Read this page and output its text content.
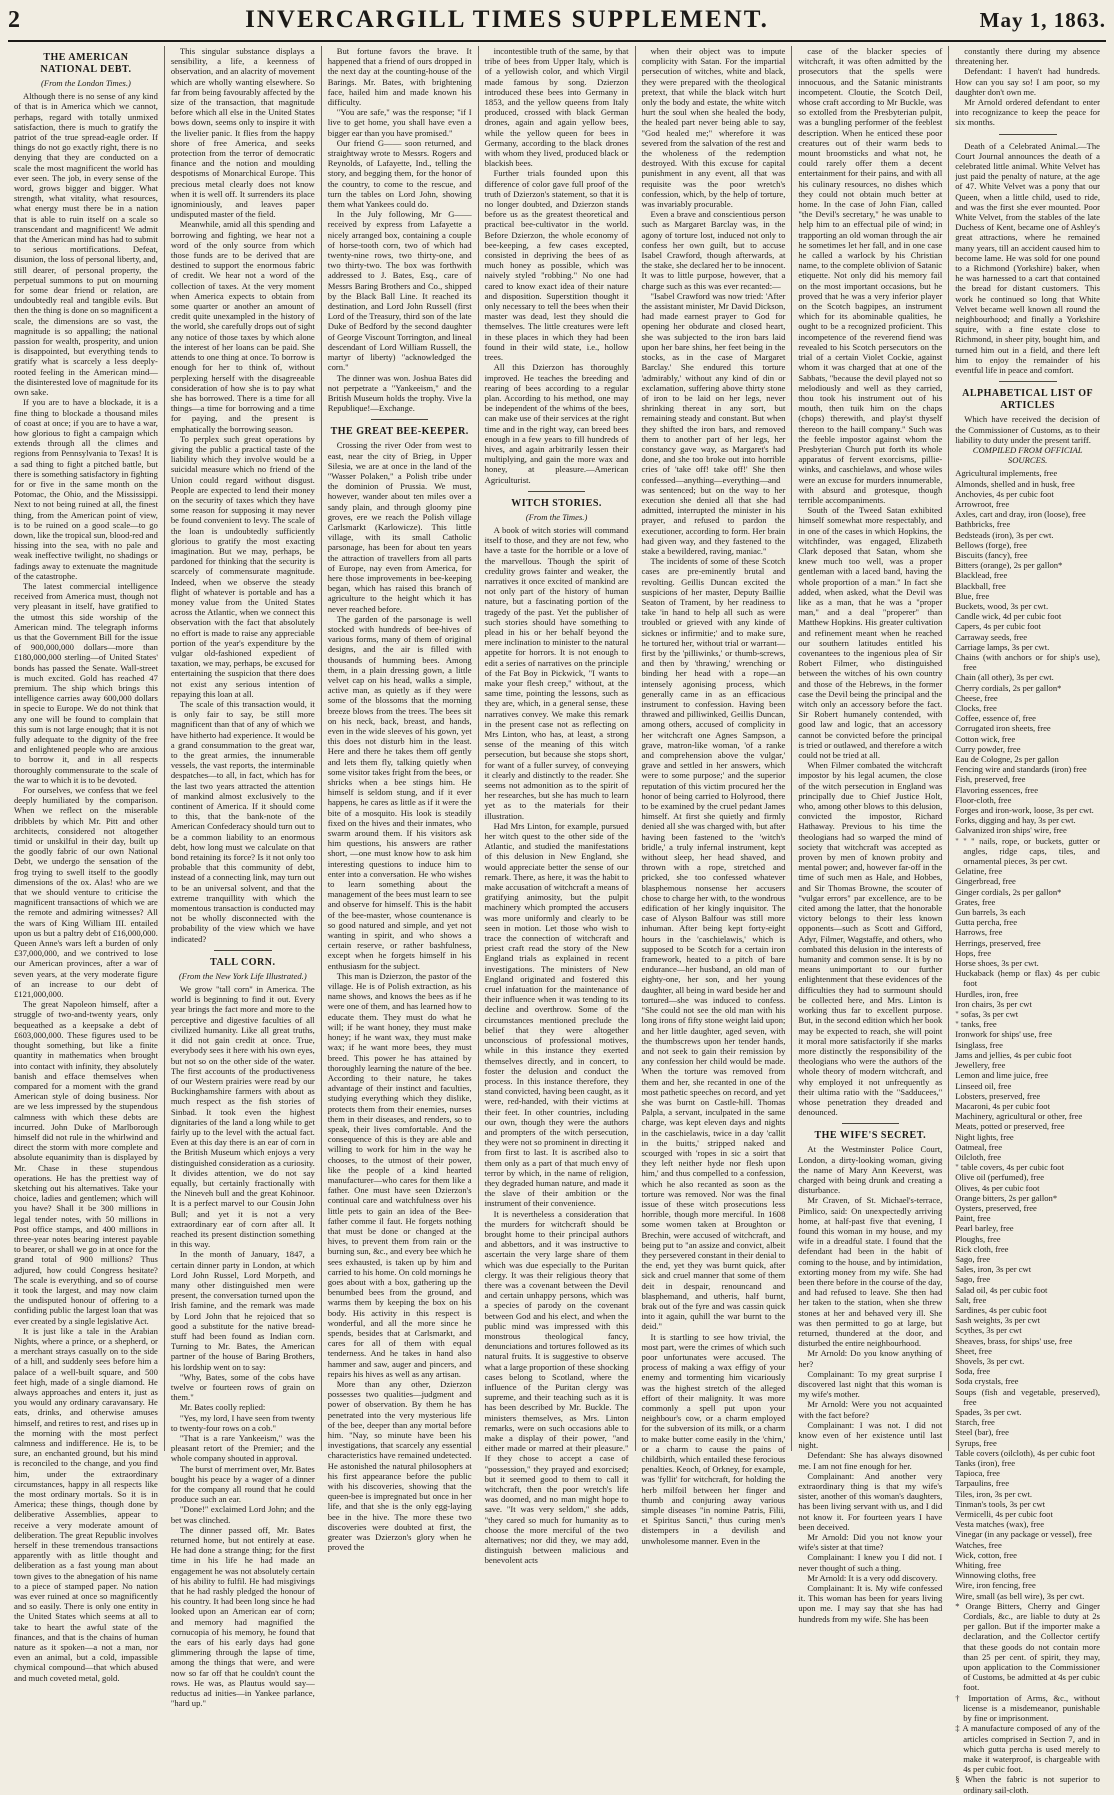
2	INVERCARGILL TIMES SUPPLEMENT.	May 1, 1863.
THE AMERICAN NATIONAL DEBT.
(From the London Times.)

Although there is no sense of any kind of that is in America which we cannot, perhaps, regard with totally unmixed satisfaction, there is much to gratify the patriot of the true spread-eagle order. If things do not go exactly right, there is no denying that they are conducted on a scale the most magnificent the world has ever seen. The job, in every sense of the word, grows bigger and bigger. What strength, what vitality, what resources, what energy must there be in a nation that is able to ruin itself on a scale so transcendant and magnificent! We admit that the American mind has had to submit to serious mortifications. Defeat, disunion, the loss of personal liberty, and, still dearer, of personal property, the perpetual summons to put on mourning for some dear friend or relation, are undoubtedly real and tangible evils. But then the thing is done on so magnificent a scale, the dimensions are so vast, the magnitude is so appalling; the national passion for wealth, prosperity, and union is disappointed, but everything tends to gratify what is scarcely a less deeply-rooted feeling in the American mind—the disinterested love of magnitude for its own sake.

If you are to have a blockade, it is a fine thing to blockade a thousand miles of coast at once; if you are to have a war, how glorious to fight a campaign which extends through all the climes and regions from Pennsylvania to Texas! It is a sad thing to fight a pitched battle, but there is something satisfactory in fighting for or five in the same month on the Potomac, the Ohio, and the Mississippi. Next to not being ruined at all, the finest thing, from the American point of view, is to be ruined on a good scale—to go down, like the tropical sun, blood-red and hissing into the sea, with no pale and weak ineffective twilight, no shadings or fadings away to extenuate the magnitude of the catastrophe.

The latest commercial intelligence received from America must, though not very pleasant in itself, have gratified to the utmost this side worship of the American mind. The telegraph informs us that the Government Bill for the issue of 900,000,000 dollars—more than £180,000,000 sterling—of United States' bonds has passed the Senate. Wall-street is much excited. Gold has reached 47 premium. The ship which brings this intelligence carries away 600,000 dollars in specie to Europe. We do not think that any one will be found to complain that this sum is not large enough; that it is not fully adequate to the dignity of the free and enlightened people who are anxious to borrow it, and in all respects thoroughly commensurate to the scale of the war to which it is to be devoted.

For ourselves, we confess that we feel deeply humiliated by the comparison. When we reflect on the miserable dribblets by which Mr. Pitt and other architects, considered not altogether timid or unskilful in their day, built up the goodly fabric of our own National Debt, we undergo the sensation of the frog trying to swell itself to the goodly dimensions of the ox. Alas! who are we that we should venture to criticise the magnificent transactions of which we are the remote and admiring witnesses? All the wars of King William III. entailed upon us but a paltry debt of £16,000,000. Queen Anne's wars left a burden of only £37,000,000, and we contrived to lose our American provinces, after a war of seven years, at the very moderate figure of an increase to our debt of £121,000,000.

The great Napoleon himself, after a struggle of two-and-twenty years, only bequeathed as a keepsake a debt of £603,000,000. These figures used to be thought something, but like a finite quantity in mathematics when brought into contact with infinity, they absolutely banish and efface themselves when compared for a moment with the grand American style of doing business. Nor are we less impressed by the stupendous calmness with which these debts are incurred. John Duke of Marlborough himself did not rule in the whirlwind and direct the storm with more complete and absolute equanimity than is displayed by Mr. Chase in these stupendous operations. He has the prettiest way of sketching out his alternatives. Take your choice, ladies and gentlemen; which will you have? Shall it be 300 millions in legal tender notes, with 50 millions in Post office stamps, and 400 millions in three-year notes bearing interest payable to bearer, or shall we go in at once for the grand total of 900 millions? Thus adjured, how could Congress hesitate? The scale is everything, and so of course it took the largest, and may now claim the undisputed honour of offering to a confiding public the largest loan that was ever created by a single legislative Act.

It is just like a tale in the Arabian Nights, where a prince, or a shepherd, or a merchant strays casually on to the side of a hill, and suddenly sees before him a palace of a well-built square, and 500 feet high, made of a single diamond. He always approaches and enters it, just as you would any ordinary caravansary. He eats, drinks, and otherwise amuses himself, and retires to rest, and rises up in the morning with the most perfect calmness and indifference. He is, to be sure, an enchanted ground, but his mind is reconciled to the change, and you find him, under the extraordinary circumstances, happy in all respects like the most ordinary mortals. So it is in America; these things, though done by deliberative Assemblies, appear to receive a very moderate amount of deliberation. The great Republic involves herself in these tremendous transactions apparently with as little thought and deliberation as a fast young man about town gives to the abnegation of his name to a piece of stamped paper. No nation was ever ruined at once so magnificently and so easily. There is only one entity in the United States which seems at all to take to heart the awful state of the finances, and that is the chains of human nature as it spoken—a not a man, nor even an animal, but a cold, impassible chymical compound—that which abused and much coveted metal, gold.

This singular substance displays a sensibility, a life, a keenness of observation, and an alacrity of movement which are wholly wanting elsewhere. So far from being favourably affected by the size of the transaction, that magnitude before which all else in the United States bows down, seems only to inspire it with the livelier panic. It flies from the happy shore of free America, and seeks protection from the terror of democratic finance and the notion and moulding despotisms of Monarchical Europe. This precious metal clearly does not know when it is well off. It surrenders its place ignominiously, and leaves paper undisputed master of the field.

Meanwhile, amid all this spending and borrowing and fighting, we hear not a word of the only source from which those funds are to be derived that are destined to support the enormous fabric of credit. We hear not a word of the collection of taxes. At the very moment when America expects to obtain from some quarter or another an amount of credit quite unexampled in the history of the world, she carefully drops out of sight any notice of those taxes by which alone the interest of her loans can be paid. She attends to one thing at once. To borrow is enough for her to think of, without perplexing herself with the disagreeable consideration of how she is to pay what she has borrowed. There is a time for all things—a time for borrowing and a time for paying, and the present is emphatically the borrowing season.

To perplex such great operations by giving the public a practical taste of the liability which they involve would be a suicidal measure which no friend of the Union could regard without disgust. People are expected to lend their money on the security of taxes which they have some reason for supposing it may never be found convenient to levy. The scale of the loan is undoubtedly sufficiently glorious to gratify the most exacting imagination. But we may, perhaps, be pardoned for thinking that the security is scarcely of commensurate magnitude. Indeed, when we observe the steady flight of whatever is portable and has a money value from the United States across the Atlantic, when we connect this observation with the fact that absolutely no effort is made to raise any appreciable portion of the year's expenditure by the vulgar old-fashioned expedient of taxation, we may, perhaps, be excused for entertaining the suspicion that there does not exist any serious intention of repaying this loan at all.

The scale of this transaction would, it is only fair to say, be still more magnificent than that of any of which we have hitherto had experience. It would be a grand consummation to the great war, to the great armies, the innumerable vessels, the vast reports, the interminable despatches—to all, in fact, which has for the last two years attracted the attention of mankind almost exclusively to the continent of America. If it should come to this, that the bank-note of the American Confederacy should turn out to be a common liability to an enormous debt, how long must we calculate on that bond retaining its force? Is it not only too probable that this community of debt, instead of a connecting link, may turn out to be an universal solvent, and that the extreme tranquillity with which the momentous transaction is conducted may not be wholly disconnected with the probability of the view which we have indicated?

TALL CORN.
(From the New York Life Illustrated.)

We grow "tall corn" in America. The world is beginning to find it out. Every year brings the fact more and more to the perceptive and digestive faculties of all civilized humanity. Like all great truths, it did not gain credit at once. True, everybody sees it here with his own eyes, but not so on the other side of the water. The first accounts of the productiveness of our Western prairies were read by our Buckinghamshire farmers with about as much respect as the fish stories of Sinbad. It took even the highest dignitaries of the land a long while to get fairly up to the level with the actual fact. Even at this day there is an ear of corn in the British Museum which enjoys a very distinguished consideration as a curiosity. It divides attention, we do not say equally, but certainly fractionally with the Nineveh bull and the great Kohinoor. It is a perfect marvel to our Cousin John Bull; and yet it is not a very extraordinary ear of corn after all. It reached its present distinction something in this way.

In the month of January, 1847, a certain dinner party in London, at which Lord John Russel, Lord Morpeth, and many other distinguished men were present, the conversation turned upon the Irish famine, and the remark was made by Lord John that he rejoiced that so good a substitute for the native bread-stuff had been found as Indian corn. Turning to Mr. Bates, the American partner of the house of Baring Brothers, his lordship went on to say:

"Why, Bates, some of the cobs have twelve or fourteen rows of grain on them."

Mr. Bates coolly replied:

"Yes, my lord, I have seen from twenty to twenty-four rows on a cob."

"That is a rare Yankeeism," was the pleasant retort of the Premier; and the whole company shouted in approval.

The burst of merriment over, Mr. Bates bought his peace by a wager of a dinner for the company all round that he could produce such an ear.

"Done!" exclaimed Lord John; and the bet was clinched.

The dinner passed off, Mr. Bates returned home, but not entirely at ease. He had done a strange thing; for the first time in his life he had made an engagement he was not absolutely certain of his ability to fulfil. He had misgivings that he had rashly pledged the honour of his country. It had been long since he had looked upon an American ear of corn; and memory had magnified the cornucopia of his memory, he found that the ears of his early days had gone glimmering through the lapse of time, among the things that were, and were now so far off that he couldn't count the rows. He was, as Plautus would say—reductus ad inities—in Yankee parlance, "hard up."

But fortune favors the brave. It happened that a friend of ours dropped in the next day at the counting-house of the Barings. Mr. Bates, with brightening face, hailed him and made known his difficulty.

"You are safe," was the response; "if I live to get home, you shall have even a bigger ear than you have promised."

Our friend G—— soon returned, and straightway wrote to Messrs. Rogers and Reynolds, of Lafayette, Ind., telling the story, and begging them, for the honor of the country, to come to the rescue, and turn the tables on Lord John, showing them what Yankees could do.

In the July following, Mr G—— received by express from Lafayette a nicely arranged box, containing a couple of horse-tooth corn, two of which had twenty-nine rows, two thirty-one, and two thirty-two. The box was forthwith addressed to J. Bates, Esq., care of Messrs Baring Brothers and Co., shipped by the Black Ball Line. It reached its destination, and Lord John Russell (first Lord of the Treasury, third son of the late Duke of Bedford by the second daughter of George Viscount Torrington, and lineal descendant of Lord William Russell, the martyr of liberty) "acknowledged the corn."

The dinner was won. Joshua Bates did not perpetrate a "Yankeeism," and the British Museum holds the trophy. Vive la Republique!—Exchange.

THE GREAT BEE-KEEPER.

Crossing the river Oder from west to east, near the city of Brieg, in Upper Silesia, we are at once in the land of the "Wasser Polaken," a Polish tribe under the dominion of Prussia. We must, however, wander about ten miles over a sandy plain, and through gloomy pine groves, ere we reach the Polish village Carlsmarkt (Karlowicze). This little village, with its small Catholic parsonage, has been for about ten years the attraction of travellers from all parts of Europe, nay even from America, for here those improvements in bee-keeping began, which has raised this branch of agriculture to the height which it has never reached before.

The garden of the parsonage is well stocked with hundreds of bee-hives of various forms, many of them of original designs, and the air is filled with thousands of humming bees. Among them, in a plain dressing gown, a little velvet cap on his head, walks a simple, active man, as quietly as if they were some of the blossoms that the morning breeze blows from the trees. The bees sit on his neck, back, breast, and hands, even in the wide sleeves of his gown, yet this does not disturb him in the least. Here and there he takes them off gently and lets them fly, talking quietly when some visitor takes fright from the bees, or shricks when a bee stings him. He himself is seldom stung, and if it ever happens, he cares as little as if it were the bite of a mosquito. His look is steadily fixed on the hives and their inmates, who swarm around them. If his visitors ask him questions, his answers are rather short, —one must know how to ask him interesting questions to induce him to enter into a conversation. He who wishes to learn something about the management of the bees must learn to see and observe for himself. This is the habit of the bee-master, whose countenance is so good natured and simple, and yet not wanting in spirit, and who shows a certain reserve, or rather bashfulness, except when he forgets himself in his enthusiasm for the subject.

This man is Dzierzon, the pastor of the village. He is of Polish extraction, as his name shows, and knows the bees as if he were one of them, and has learned how to educate them. They must do what he will; if he want honey, they must make honey; if he want wax, they must make wax; if he want more bees, they must breed. This power he has attained by thoroughly learning the nature of the bee. According to their nature, he takes advantage of their instinct and faculties, studying everything which they dislike, protects them from their enemies, nurses them in their diseases, and renders, so to speak, their lives comfortable. And the consequence of this is they are able and willing to work for him in the way he chooses, to the utmost of their power, like the people of a kind hearted manufacturer—who cares for them like a father. One must have seen Dzierzon's continual care and watchfulness over his little pets to gain an idea of the Bee-father comme il faut. He forgets nothing that must be done or changed at the hives, to prevent them from rain or the burning sun, &c., and every bee which he sees exhausted, is taken up by him and carried to his home. On cold mornings he goes about with a box, gathering up the benumbed bees from the ground, and warms them by keeping the box on his body. His activity in this respect is wonderful, and all the more since he spends, besides that at Carlsmarkt, and cares for all of them with equal tenderness. And he takes in hand also hammer and saw, auger and pincers, and repairs his hives as well as any artisan.

More than any other, Dzierzon possesses two qualities—judgment and power of observation. By them he has penetrated into the very mysterious life of the bee, deeper than any mortal before him. "Nay, so minute have been his investigations, that scarcely any essential characteristics have remained undetected. He astonished the natural philosophers at his first appearance before the public with his discoveries, showing that the queen-bee is impregnated but once in her life, and that she is the only egg-laying bee in the hive. The more these two discoveries were doubted at first, the greater was Dzierzon's glory when he proved the

incontestible truth of the same, by that tribe of bees from Upper Italy, which is of a yellowish color, and which Virgil made famous by song. Dzierzon introduced these bees into Germany in 1853, and the yellow queens from Italy produced, crossed with black German drones, again and again yellow bees, while the yellow queen for bees in Germany, according to the black drones with whom they lived, produced black or blackish bees.

Further trials founded upon this difference of color gave full proof of the truth of Dzierzon's statement, so that it is no longer doubted, and Dzierzon stands before us as the greatest theoretical and practical bee-cultivator in the world. Before Dzierzon, the whole economy of bee-keeping, a few cases excepted, consisted in depriving the bees of as much honey as possible, which was naively styled "robbing." No one had cared to know exact idea of their nature and disposition. Superstition thought it only necessary to tell the bees when their master was dead, lest they should die themselves. The little creatures were left in these places in which they had been found in their wild state, i.e., hollow trees.

All this Dzierzon has thoroughly improved. He teaches the breeding and rearing of bees according to a regular plan. According to his method, one may be independent of the whims of the bees, can make use of their services at the right time and in the right way, can breed bees enough in a few years to fill hundreds of hives, and again arbitrarily lessen their multiplying, and gain the more wax and honey, at pleasure.—American Agriculturist.

WITCH STORIES.
(From the Times.)

A book of witch stories will command itself to those, and they are not few, who have a taste for the horrible or a love of the marvellous. Though the spirit of credulity grows fainter and weaker, the narratives it once excited of mankind are not only part of the history of human nature, but a fascinating portion of the tragedy of the past. Yet the publisher of such stories should have something to plead in his or her behalf beyond the mere inclination to minister to the natural appetite for horrors. It is not enough to edit a series of narratives on the principle of the Fat Boy in Pickwick, "I wants to make your flesh creep," without, at the same time, pointing the lessons, such as they are, which, in a general sense, these narratives convey. We make this remark in the present case not as reflecting on Mrs Linton, who has, at least, a strong sense of the meaning of this witch persecution, but because she stops short, for want of a fuller survey, of conveying it clearly and distinctly to the reader. She seems not admonition as to the spirit of her researches, but she has much to learn yet as to the materials for their illustration.

Had Mrs Linton, for example, pursued her witch quest to the other side of the Atlantic, and studied the manifestations of this delusion in New England, she would appreciate better the sense of our remark. There, as here, it was the habit to make accusation of witchcraft a means of gratifying animosity, but the pulpit machinery which prompted the accusers was more uniformly and clearly to be seen in motion. Let those who wish to trace the connection of witchcraft and priest craft read the story of the New England trials as explained in recent investigations. The ministers of New England originated and fostered this cruel infatuation for the maintenance of their influence when it was tending to its decline and overthrow. Some of the circumstances mentioned preclude the belief that they were altogether unconscious of professional motives, while in this instance they exerted themselves directly, and in concert, to foster the delusion and conduct the process. In this instance therefore, they stand convicted, having been caught, as it were, red-handed, with their victims at their feet. In other countries, including our own, though they were the authors and prompters of the witch persecution, they were not so prominent in directing it from first to last. It is ascribed also to them only as a part of that much envy of terror by which, in the name of religion, they degraded human nature, and made it the slave of their ambition or the instrument of their convenience.

It is nevertheless a consideration that the murders for witchcraft should be brought home to their principal authors and abbettors, and it was instructive to ascertain the very large share of them which was due especially to the Puritan clergy. It was their religious theory that there was a covenant between the Devil and certain unhappy persons, which was a species of parody on the covenant between God and his elect, and when the public mind was impressed with this monstrous theological fancy, denunciations and tortures followed as its natural fruits. It is suggestive to observe what a large proportion of these shocking cases belong to Scotland, where the influence of the Puritan clergy was supreme, and their teaching such as it is has been described by Mr. Buckle. The ministers themselves, as Mrs. Linton remarks, were on such occasions able to make a display of their power, "and either made or marred at their pleasure." If they chose to accept a case of "possession," they prayed and exorcised; but it seemed good to them to call it witchcraft, then the poor wretch's life was doomed, and no man might hope to save. "It was very seldom," she adds, "they cared so much for humanity as to choose the more merciful of the two alternatives; nor did they, we may add, distinguish between malicious and benevolent acts

when their object was to impute complicity with Satan. For the impartial persecution of witches, white and black, they were prepared with the theological pretext, that while the black witch hurt only the body and estate, the white witch hurt the soul when she healed the body, the healed part never being able to say, "God healed me;" wherefore it was severed from the salvation of the rest and the wholeness of the redemption destroyed. With this excuse for capital punishment in any event, all that was requisite was the poor wretch's confession, which, by the help of torture, was invariably procurable.

Even a brave and conscientious person such as Margaret Barclay was, in the agony of torture lost, induced not only to confess her own guilt, but to accuse Isabel Crawford, though afterwards, at the stake, she declared her to be innocent. It was to little purpose, however, that a charge such as this was ever recanted:—

"Isabel Crawford was now tried: 'After the assistant minister, Mr David Dickson, had made earnest prayer to God for opening her obdurate and closed heart, she was subjected to the iron bars laid upon her bare shins, her feet being in the stocks, as in the case of Margaret Barclay.' She endured this torture 'admirably,' without any kind of din or exclamation, suffering above thirty stone of iron to be laid on her legs, never shrinking thereat in any sort, but remaining steady and constant. But when they shifted the iron bars, and removed them to another part of her legs, her constancy gave way, as Margaret's had done, and she too broke out into horrible cries of 'take off! take off!' She then confessed—anything—everything—and was sentenced; but on the way to her execution she denied all that she had admitted, interrupted the minister in his prayer, and refused to pardon the executioner, according to form. Her brain had given way, and they fastened to the stake a bewildered, raving, maniac."

The incidents of some of these Scotch cases are pre-eminently brutal and revolting. Geillis Duncan excited the suspicions of her master, Deputy Baillie Seaton of Trament, by her readiness to take 'in hand to help all such as were troubled or grieved with any kinde of sicknes or infirmitie;' and to make sure, he tortured her, without trial or warrant—first by the 'pilliwinks,' or thumb-screws, and then by 'thrawing,' wrenching or binding her head with a rope—an intensely agonising process, which generally came in as an efficacious instrument to confession. Having been thrawed and pilliwinked, Geillis Duncan, among others, accused of complicity in her witchcraft one Agnes Sampson, a grave, matron-like woman, 'of a ranke and comprehension above the vulgar,' grave and settled in her answers, which were to some purpose;' and the superior reputation of this victim procured her the honor of being carried to Holyrood, there to be examined by the cruel pedant James himself. At first she quietly and firmly denied all she was charged with, but after having been fastened to the 'witch's bridle,' a truly infernal instrument, kept without sleep, her head shaved, and thrown with a rope, stretched and pricked, she too confessed whatever blasphemous nonsense her accusers chose to charge her with, to the wondrous edification of her kingly inquisitor. The case of Alyson Balfour was still more inhuman. After being kept forty-eight hours in the 'caschielawis,' which is supposed to be Scotch for a certain iron framework, heated to a pitch of bare endurance—her husband, an old man of eighty-one, her son, and her young daughter, all being in ward beside her and tortured—she was induced to confess. "She could not see the old man with his long irons of fifty stone weight laid upon; and her little daughter, aged seven, with the thumbscrews upon her tender hands, and not seek to gain their remission by any confession her child would be made. When the torture was removed from them and her, she recanted in one of the most pathetic speeches on record, and yet she was burnt on Castle-hill. Thomas Palpla, a servant, inculpated in the same charge, was kept eleven days and nights in the caschielawis, twice in a day 'callit in the buitts,' stripped naked and scourged with 'ropes in sic a soirt that they left neither hyde nor flesh upon him,' and thus compelled to a confession, which he also recanted as soon as the torture was removed. Nor was the final issue of these witch prosecutions less horrible, though more merciful. In 1608 some women taken at Broughton or Brechin, were accused of witchcraft, and being put to "an assize and convict, albeit they persevered constant in their denial to the end, yet they was burnt quick, after sick and cruel manner that some of them deit in despair, renouncand and blasphemand, and utheris, half burnt, brak out of the fyre and was cassin quick into it again, quhill the war burnt to the deid."

It is startling to see how trivial, the most part, were the crimes of which such poor unfortunates were accused. The process of making a wax effigy of your enemy and tormenting him vicariously was the highest stretch of the alleged effort of their malignity. It was more commonly a spell put upon your neighbour's cow, or a charm employed for the subversion of its milk, or a charm to make butter come easily in the 'chirn,' or a charm to cause the pains of childbirth, which entailed these ferocious penalties. Keoch, of Orkney, for example, was 'fyllit' for witchcraft, for holding the herb milfoil between her finger and thumb and conjuring away various simple diseases "in nomine Patris, Filii, et Spiritus Sancti," thus curing men's distempers in a devilish and unwholesome manner. Even in the

case of the blacker species of witchcraft, it was often admitted by the prosecutors that the spells were innocuous, and the Satanic ministrants incompetent. Cloutie, the Scotch Deil, whose craft according to Mr Buckle, was so extolled from the Presbyterian pulpit, was a bungling performer of the feeblest description. When he enticed these poor creatures out of their warm beds to mount broomsticks and what not, he could rarely offer them a decent entertainment for their pains, and with all his culinary resources, no dishes which they could not obtain much better at home. In the case of John Fian, called "the Devil's secretary," he was unable to help him to an effectual pile of wind; in trapporting an old woman through the air he sometimes let her fall, and in one case he called a warlock by his Christian name, to the complete oblivion of Satanic etiquette. Not only did his memory fail on the most important occasions, but he proved that he was a very inferior player on the Scotch bagpipes, an instrument which for its abominable qualities, he ought to be a recognized proficient. This incompetence of the reverend fiend was revealed to his Scotch persecutors on the trial of a certain Violet Cockie, against whom it was charged that at one of the Sabbats, "because the devil played not so melodiously and well as they carried, thou took his instrument out of his mouth, then tuik him on the chaps (chops) therewith, and play'st thyself thereon to the haill company." Such was the feeble impostor against whom the Presbyterian Church put forth its whole apparatus of fervent exorcisms, pillie-winks, and caschielaws, and whose wiles were an excuse for murders innumerable, with absurd and grotesque, though terrible accompaniments.

South of the Tweed Satan exhibited himself somewhat more respectably, and in one of the cases in which Hopkins, the witchfinder, was engaged, Elizabeth Clark deposed that Satan, whom she knew much too well, was a proper gentleman with a laced band, having the whole proportion of a man." In fact she added, when asked, what the Devil was like as a man, that he was a "proper man," and a deal "properer" than Matthew Hopkins. His greater cultivation and refinement meant when he reached our southern latitudes entitled his covenantees to the ingenious plea of Sir Robert Filmer, who distinguished between the witches of his own country and those of the Hebrews, in the former case the Devil being the principal and the witch only an accessory before the fact. Sir Robert humanely contended, with good law and logic, that an accessory cannot be convicted before the principal is tried or outlawed, and therefore a witch could not be tried at all.

When Filmer combated the witchcraft impostor by his legal acumen, the close of the witch persecution in England was principally due to Chief Justice Holt, who, among other blows to this delusion, convicted the impostor, Richard Hathaway. Previous to his time the theologians had so warped the mind of society that witchcraft was accepted as proven by men of known probity and mental power; and, however far-off in the time of such men as Hale, and Hobbes, and Sir Thomas Browne, the scouter of "vulgar errors" par excellence, are to be cited among the latter, that the honorable victory belongs to their less known opponents—such as Scott and Gifford, Adyr, Filmer, Wagstaffe, and others, who combated this delusion in the interests of humanity and common sense. It is by no means unimportant to our further enlightenment that these evidences of the difficulties they had to surmount should be collected here, and Mrs. Linton is working thus far to excellent purpose. But, in the second edition which her book may be expected to reach, she will point it moral more satisfactorily if she marks more distinctly the responsibility of the theologians who were the authors of the whole theory of modern witchcraft, and why employed it not unfrequently as their ultima ratio with the "Sadducees," whose penetration they dreaded and denounced.

THE WIFE'S SECRET.

At the Westminster Police Court, London, a dirty-looking woman, giving the name of Mary Ann Keeverst, was charged with being drunk and creating a disturbance.

Mr Craven, of St. Michael's-terrace, Pimlico, said: On unexpectedly arriving home, at half-past five that evening, I found this woman in my house, and my wife in a dreadful state. I found that the defendant had been in the habit of coming to the house, and by intimidation, extorting money from my wife. She had been there before in the course of the day, and had refused to leave. She then had her taken to the station, when she threw stones at her and behaved very ill. She was then permitted to go at large, but returned, thundered at the door, and disturbed the entire neighbourhood.

Mr Arnold: Do you know anything of her?

Complainant: To my great surprise I discovered last night that this woman is my wife's mother.

Mr Arnold: Were you not acquainted with the fact before?

Complainant: I was not. I did not know even of her existence until last night.

Defendant: She has always disowned me. I am not fine enough for her.

Complainant: And another very extraordinary thing is that my wife's sister, another of this woman's daughters, has been living servant with us, and I did not know it. For fourteen years I have been deceived.

Mr Arnold: Did you not know your wife's sister at that time?

Complainant: I knew you I did not. I never thought of such a thing.

Mr Arnold: It is a very odd discovery.

Complainant: It is. My wife confessed it. This woman has been for years living upon me. I may say that she has had hundreds from my wife. She has been

constantly there during my absence threatening her.

Defendant: I haven't had hundreds. How can you say so! I am poor, so my daughter don't own me.

Mr Arnold ordered defendant to enter into recognizance to keep the peace for six months.

Death of a Celebrated Animal.—The Court Journal announces the death of a celebrated little animal. White Velvet has just paid the penalty of nature, at the age of 47. White Velvet was a pony that our Queen, when a little child, used to ride, and was the first she ever mounted. Poor White Velvet, from the stables of the late Duchess of Kent, became one of Ashley's great attractions, where he remained many years, till an accident caused him to become lame. He was sold for one pound to a Richmond (Yorkshire) baker, when he was harnessed to a cart that contained the bread for distant customers. This work he continued so long that White Velvet became well known all round the neighbourhood; and finally a Yorkshire squire, with a fine estate close to Richmond, in sheer pity, bought him, and turned him out in a field, and there left him to enjoy the remainder of his eventful life in peace and comfort.

ALPHABETICAL LIST OF ARTICLES

Which have received the decision of the Commissioner of Customs, as to their liability to duty under the present tariff.

COMPILED FROM OFFICIAL SOURCES.

Agricultural implements, free

Almonds, shelled and in husk, free

Anchovies, 4s per cubic foot

Arrowroot, free

Axles, cart and dray, iron (loose), free

Bathbricks, free

Bedsteads (iron), 3s per cwt.

Bellows (forge), free

Biscuits (fancy), free

Bitters (orange), 2s per gallon*

Blacklead, free

Blackball, free

Blue, free

Buckets, wood, 3s per cwt.

Candle wick, 4d per cubic foot

Capers, 4s per cubic foot

Carraway seeds, free

Carriage lamps, 3s per cwt.

Chains (with anchors or for ship's use), free

Chain (all other), 3s per cwt.

Cherry cordials, 2s per gallon*

Cheese, free

Clocks, free

Coffee, essence of, free

Corrugated iron sheets, free

Cotton wick, free

Curry powder, free

Eau de Cologne, 2s per gallon

Fencing wire and standards (iron) free

Fish, preserved, free

Flavoring essences, free

Floor-cloth, free

Forges and iron-work, loose, 3s per cwt.

Forks, digging and hay, 3s per cwt.

Galvanized iron ships' wire, free

" " " nails, rope, or buckets, gutter or angles, ridge caps, tiles, and ornamental pieces, 3s per cwt.

Gelatine, free

Gingerbread, free

Ginger cordials, 2s per gallon*

Grates, free

Gun barrels, 3s each

Gutta percha, free

Harrows, free

Herrings, preserved, free

Hops, free

Horse shoes, 3s per cwt.

Huckaback (hemp or flax) 4s per cubic foot

Hurdles, iron, free

Iron chairs, 3s per cwt

" sofas, 3s per cwt

" tanks, free

Ironwork for ships' use, free

Isinglass, free

Jams and jellies, 4s per cubic foot

Jewellery, free

Lemon and lime juice, free

Linseed oil, free

Lobsters, preserved, free

Macaroni, 4s per cubic foot

Machinery, agricultural or other, free

Meats, potted or preserved, free

Night lights, free

Oatmeal, free

Oilcloth, free

" table covers, 4s per cubic foot

Olive oil (perfumed), free

Olives, 4s per cubic foot

Orange bitters, 2s per gallon*

Oysters, preserved, free

Paint, free

Pearl barley, free

Ploughs, free

Rick cloth, free

Sago, free

Sales, iron, 3s per cwt

Sago, free

Salad oil, 4s per cubic foot

Salt, free

Sardines, 4s per cubic foot

Sash weights, 3s per cwt

Scythes, 3s per cwt

Sheaves, brass, for ships' use, free

Sheet, free

Shovels, 3s per cwt.

Soda, free

Soda crystals, free

Soups (fish and vegetable, preserved), free

Spades, 3s per cwt.

Starch, free

Steel (bar), free

Syrups, free

Table covers (oilcloth), 4s per cubic foot

Tanks (iron), free

Tapioca, free

Tarpaulins, free

Tiles, iron, 3s per cwt.

Tinman's tools, 3s per cwt

Vermicelli, 4s per cubic foot

Vesta matches (wax), free

Vinegar (in any package or vessel), free

Watches, free

Wick, cotton, free

Whiting, free

Winnowing cloths, free

Wire, iron fencing, free

Wire, small (as bell wire), 3s per cwt.

* Orange Bitters, Cherry and Ginger Cordials, &c., are liable to duty at 2s per gallon. But if the importer make a declaration, and the Collector certify that these goods do not contain more than 25 per cent. of spirit, they may, upon application to the Commissioner of Customs, be admitted at 4s per cubic foot.

† Importation of Arms, &c., without license is a misdemeanor, punishable by fine or imprisonment.

‡ A manufacture composed of any of the articles comprised in Section 7, and in which gutta percha is used merely to make it waterproof, is chargeable with 4s per cubic foot.

§ When the fabric is not superior to ordinary sail-cloth.
